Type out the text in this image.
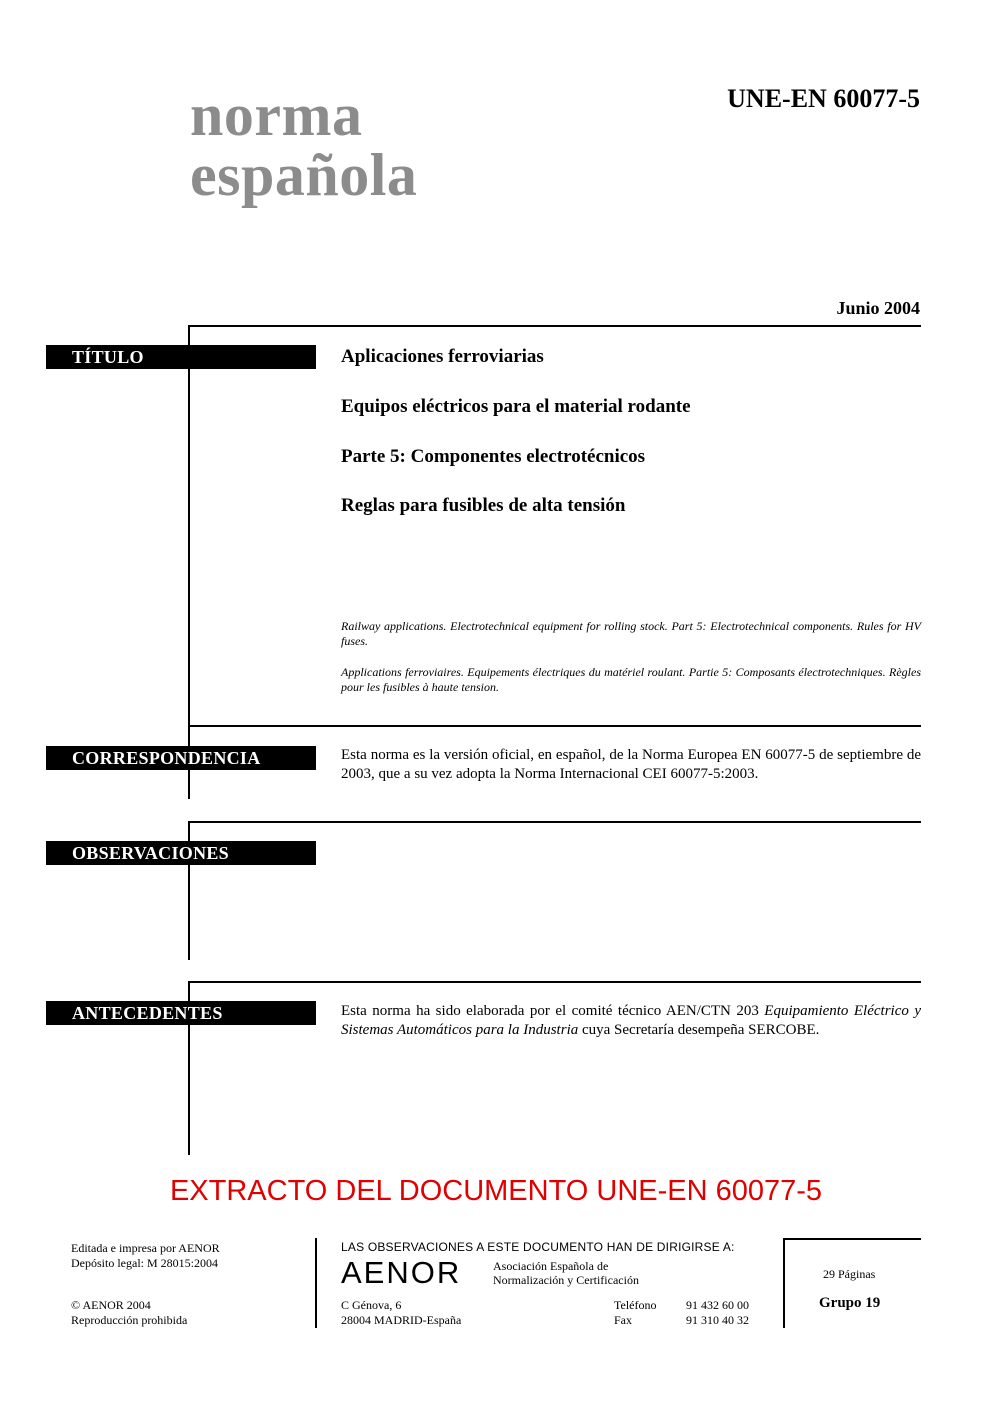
norma
española
UNE-EN 60077-5
Junio 2004
TÍTULO	Aplicaciones ferroviarias
Equipos eléctricos para el material rodante
Parte 5: Componentes electrotécnicos
Reglas para fusibles de alta tensión
Railway applications. Electrotechnical equipment for rolling stock. Part 5: Electrotechnical components. Rules for HV fuses.
Applications ferroviaires. Equipements électriques du matériel roulant. Partie 5: Composants électrotechniques. Règles pour les fusibles à haute tension.
CORRESPONDENCIA	Esta norma es la versión oficial, en español, de la Norma Europea EN 60077-5 de septiembre de 2003, que a su vez adopta la Norma Internacional CEI 60077-5:2003.
OBSERVACIONES
ANTECEDENTES	Esta norma ha sido elaborada por el comité técnico AEN/CTN 203 Equipamiento Eléctrico y Sistemas Automáticos para la Industria cuya Secretaría desempeña SERCOBE.
EXTRACTO DEL DOCUMENTO UNE-EN 60077-5
Editada e impresa por AENOR
Depósito legal: M 28015:2004
© AENOR 2004
Reproducción prohibida
LAS OBSERVACIONES A ESTE DOCUMENTO HAN DE DIRIGIRSE A:
AENOR	Asociación Española de
Normalización y Certificación
C Génova, 6
28004 MADRID-España
Teléfono 91 432 60 00
Fax	91 310 40 32
29 Páginas
Grupo 19
